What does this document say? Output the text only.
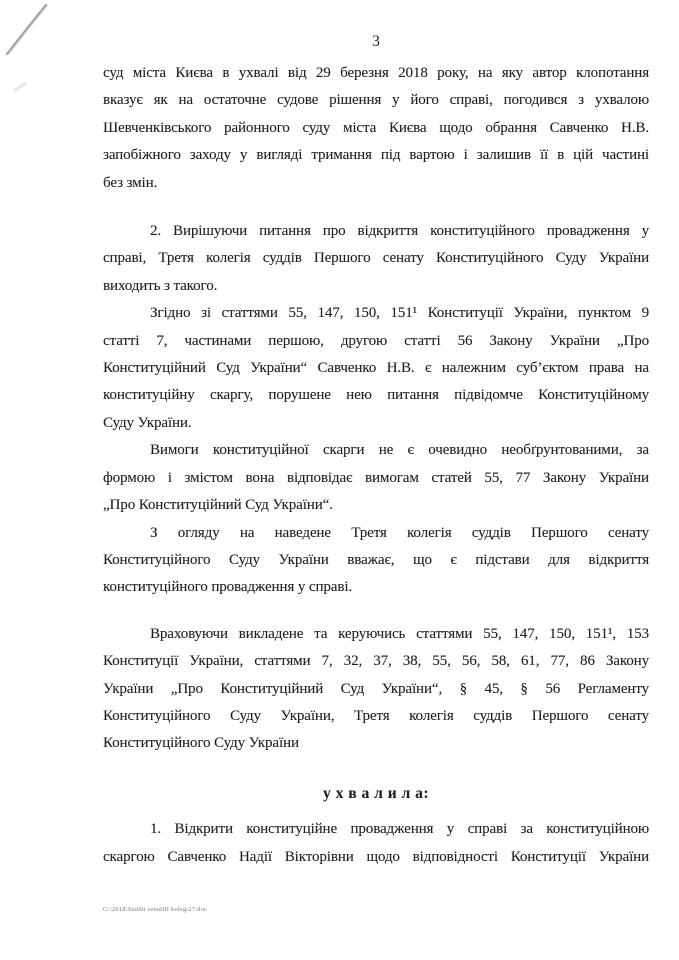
3
суд міста Києва в ухвалі від 29 березня 2018 року, на яку автор клопотання
вказує як на остаточне судове рішення у його справі, погодився з ухвалою
Шевченківського районного суду міста Києва щодо обрання Савченко Н.В.
запобіжного заходу у вигляді тримання під вартою і залишив її в цій частині
без змін.
2. Вирішуючи питання про відкриття конституційного провадження у
справі, Третя колегія суддів Першого сенату Конституційного Суду України
виходить з такого.
Згідно зі статтями 55, 147, 150, 151¹ Конституції України, пунктом 9
статті 7, частинами першою, другою статті 56 Закону України „Про
Конституційний Суд України“ Савченко Н.В. є належним суб’єктом права на
конституційну скаргу, порушене нею питання підвідомче Конституційному
Суду України.
Вимоги конституційної скарги не є очевидно необґрунтованими, за
формою і змістом вона відповідає вимогам статей 55, 77 Закону України
„Про Конституційний Суд України“.
З огляду на наведене Третя колегія суддів Першого сенату
Конституційного Суду України вважає, що є підстави для відкриття
конституційного провадження у справі.
Враховуючи викладене та керуючись статтями 55, 147, 150, 151¹, 153
Конституції України, статтями 7, 32, 37, 38, 55, 56, 58, 61, 77, 86 Закону
України „Про Конституційний Суд України“, § 45, § 56 Регламенту
Конституційного Суду України, Третя колегія суддів Першого сенату
Конституційного Суду України
у х в а л и л а:
1. Відкрити конституційне провадження у справі за конституційною
скаргою Савченко Надії Вікторівни щодо відповідності Конституції України
G:\2018\Suddii senatIII koleg\27.doc
